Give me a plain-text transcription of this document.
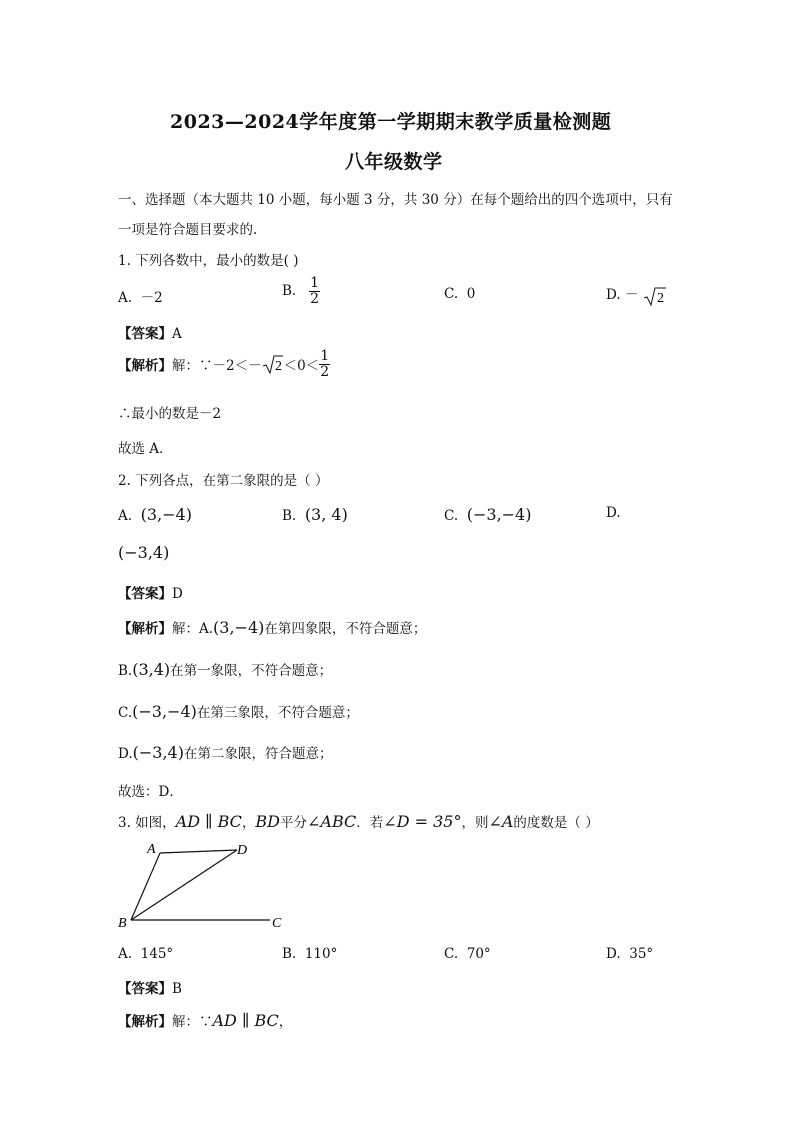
2023—2024学年度第一学期期末教学质量检测题
八年级数学
一、选择题（本大题共 10 小题，每小题 3 分，共 30 分）在每个题给出的四个选项中，只有
一项是符合题目要求的.
1. 下列各数中，最小的数是( )
A. －2	B. $\frac{1}{2}$	C. 0	D. － 2
【答案】A
【解析】解：∵－2＜－ $2 <0< \frac{1}{2}$
∴最小的数是－2
故选 A．
2. 下列各点，在第二象限的是（ ）
A. (3,−4)	B. (3, 4)	C. (−3,−4)	D.
(−3,4)
【答案】D
【解析】解：A.(3,−4)在第四象限，不符合题意；
B.(3,4)在第一象限，不符合题意；
C.(−3,−4)在第三象限，不符合题意；
D.(−3,4)在第二象限，符合题意；
故选：D．
3. 如图，AD ∥ BC，BD平分∠ABC．若∠D = 35°，则∠A的度数是（ ）
A	D
B	C
A. 145°	B. 110°	C. 70°	D. 35°
【答案】B
【解析】解：∵AD ∥ BC，
